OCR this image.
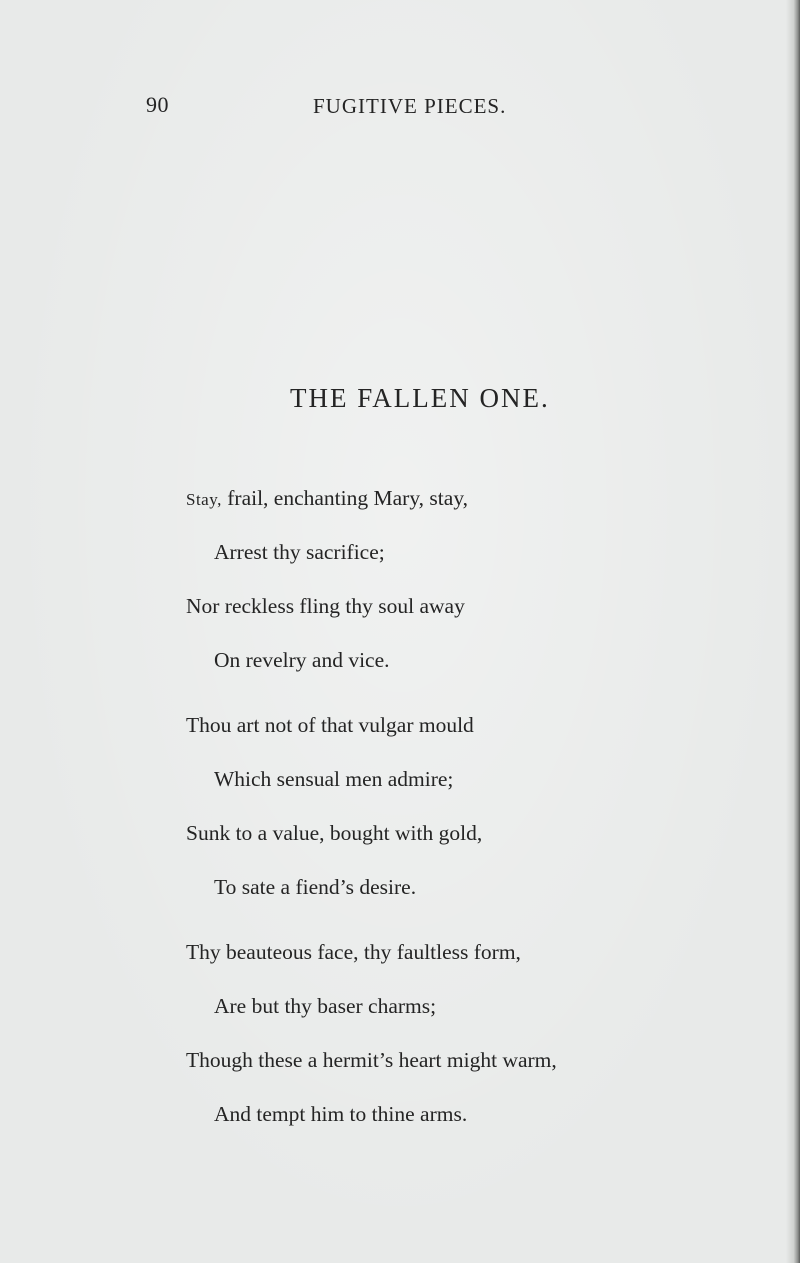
90	FUGITIVE PIECES.
THE FALLEN ONE.
Stay, frail, enchanting Mary, stay,
Arrest thy sacrifice;
Nor reckless fling thy soul away
On revelry and vice.
Thou art not of that vulgar mould
Which sensual men admire;
Sunk to a value, bought with gold,
To sate a fiend’s desire.
Thy beauteous face, thy faultless form,
Are but thy baser charms;
Though these a hermit’s heart might warm,
And tempt him to thine arms.
